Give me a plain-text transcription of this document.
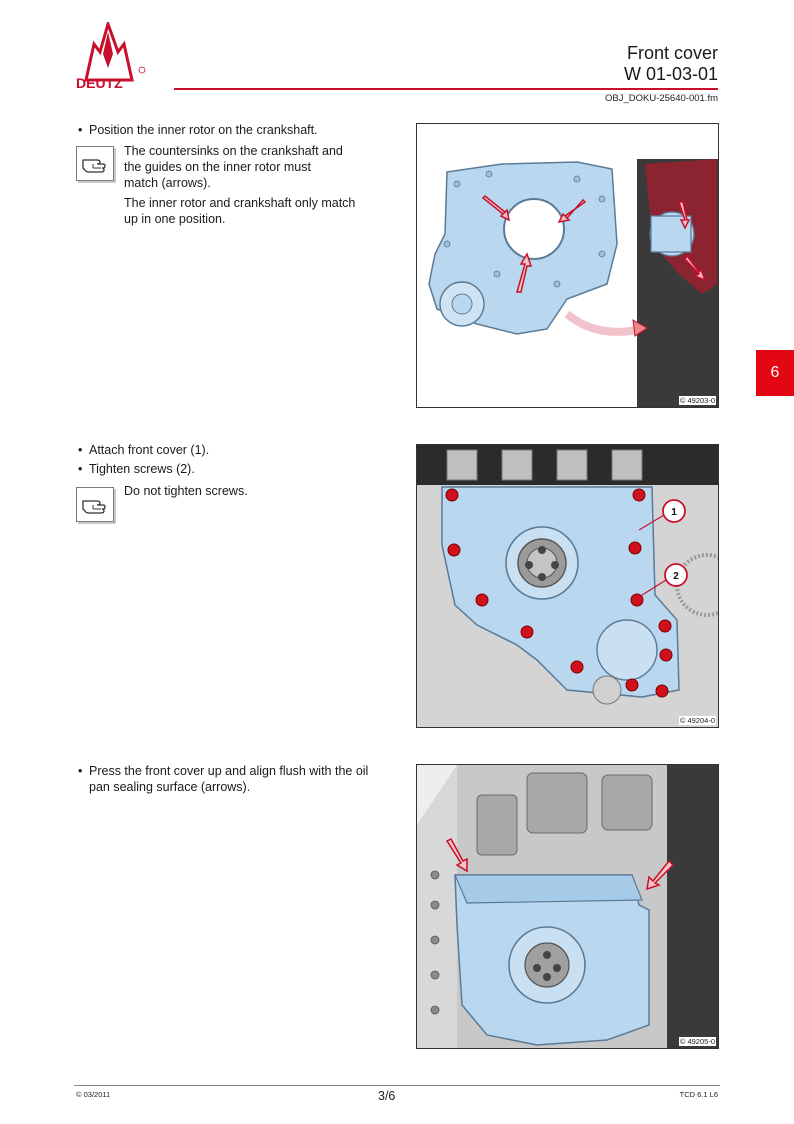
DEUTZ
Front cover
W 01-03-01
OBJ_DOKU-25640-001.fm
6
• Position the inner rotor on the crankshaft.
The countersinks on the crankshaft and
the guides on the inner rotor must
match (arrows).
The inner rotor and crankshaft only match
up in one position.
© 49203-0
• Attach front cover (1).
• Tighten screws (2).
Do not tighten screws.
1
2
© 49204-0
• Press the front cover up and align flush with the oil
pan sealing surface (arrows).
© 49205-0
© 03/2011	3/6	TCD 6.1 L6
